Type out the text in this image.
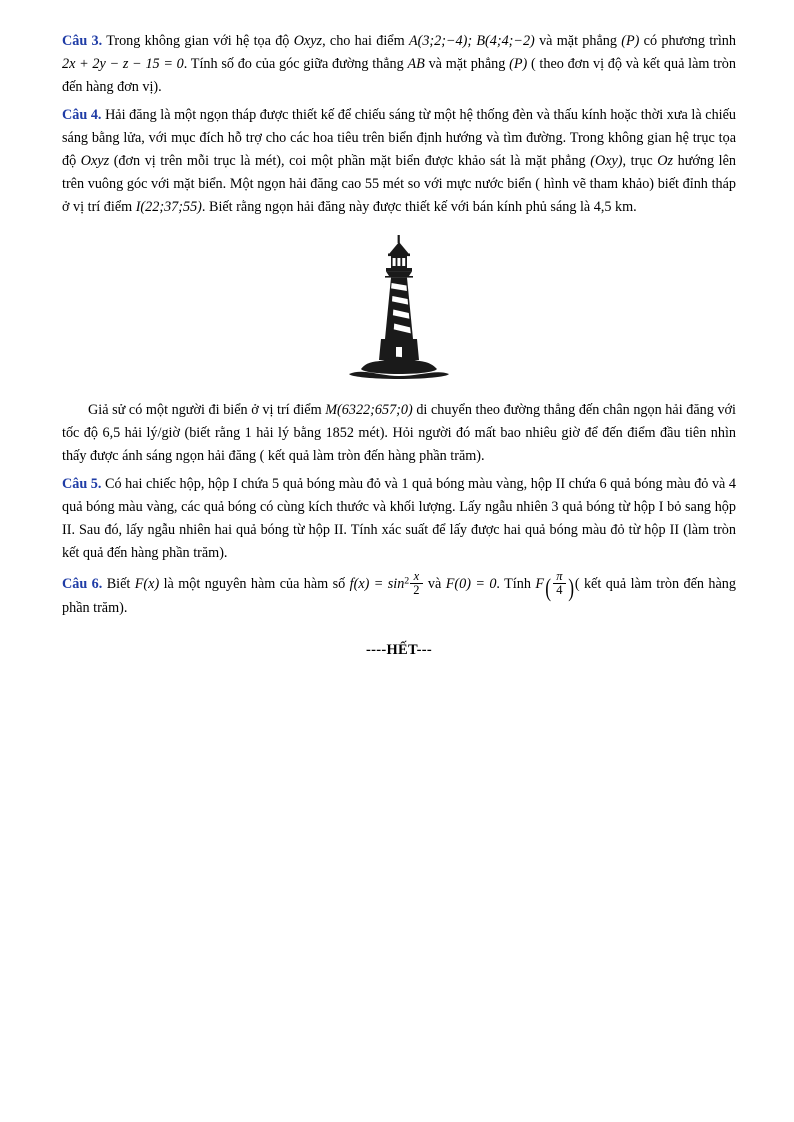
Câu 3. Trong không gian với hệ tọa độ Oxyz, cho hai điểm A(3;2;−4); B(4;4;−2) và mặt phẳng (P) có phương trình 2x + 2y − z − 15 = 0. Tính số đo của góc giữa đường thẳng AB và mặt phẳng (P) ( theo đơn vị độ và kết quả làm tròn đến hàng đơn vị).

Câu 4. Hải đăng là một ngọn tháp được thiết kế để chiếu sáng từ một hệ thống đèn và thấu kính hoặc thời xưa là chiếu sáng bằng lửa, với mục đích hỗ trợ cho các hoa tiêu trên biển định hướng và tìm đường. Trong không gian hệ trục tọa độ Oxyz (đơn vị trên mỗi trục là mét), coi một phần mặt biển được khảo sát là mặt phẳng (Oxy), trục Oz hướng lên trên vuông góc với mặt biển. Một ngọn hải đăng cao 55 mét so với mực nước biển ( hình vẽ tham khảo) biết đỉnh tháp ở vị trí điểm I(22;37;55). Biết rằng ngọn hải đăng này được thiết kế với bán kính phủ sáng là 4,5 km.

Giả sử có một người đi biển ở vị trí điểm M(6322;657;0) di chuyển theo đường thẳng đến chân ngọn hải đăng với tốc độ 6,5 hải lý/giờ (biết rằng 1 hải lý bằng 1852 mét). Hỏi người đó mất bao nhiêu giờ để đến điểm đầu tiên nhìn thấy được ánh sáng ngọn hải đăng ( kết quả làm tròn đến hàng phần trăm).

Câu 5. Có hai chiếc hộp, hộp I chứa 5 quả bóng màu đỏ và 1 quả bóng màu vàng, hộp II chứa 6 quả bóng màu đỏ và 4 quả bóng màu vàng, các quả bóng có cùng kích thước và khối lượng. Lấy ngẫu nhiên 3 quả bóng từ hộp I bỏ sang hộp II. Sau đó, lấy ngẫu nhiên hai quả bóng từ hộp II. Tính xác suất để lấy được hai quả bóng màu đỏ từ hộp II (làm tròn kết quả đến hàng phần trăm).

Câu 6. Biết F(x) là một nguyên hàm của hàm số $f(x) = \sin^2 \frac{x}{2}$ và F(0) = 0. Tính $F( \frac{\pi}{4}$ )( kết quả làm tròn đến hàng phần trăm).

----HẾT---
